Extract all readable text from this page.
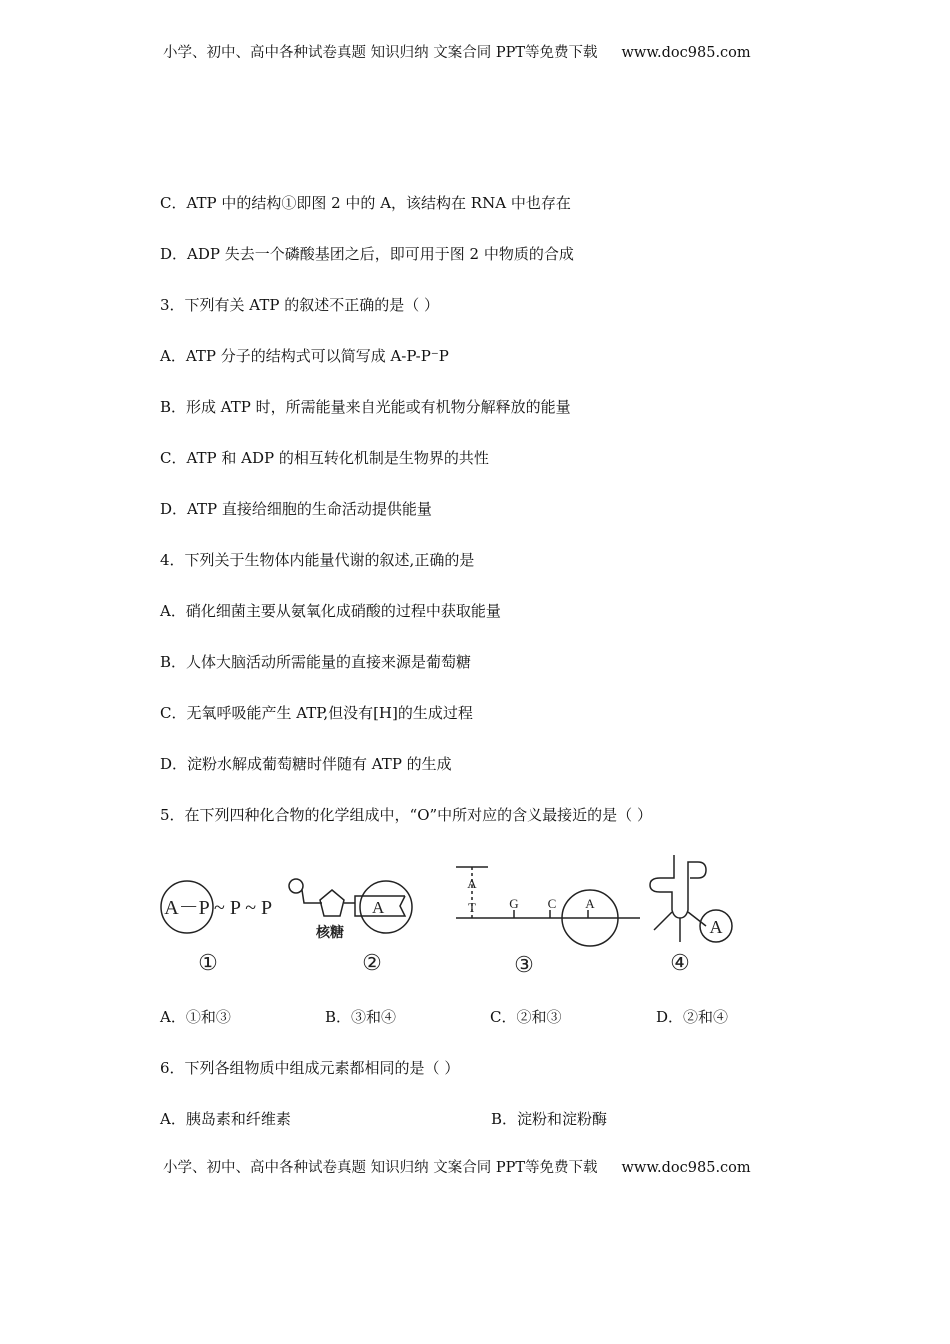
小学、初中、高中各种试卷真题 知识归纳 文案合同 PPT等免费下载 www.doc985.com
C．ATP 中的结构①即图 2 中的 A，该结构在 RNA 中也存在
D．ADP 失去一个磷酸基团之后，即可用于图 2 中物质的合成
3．下列有关 ATP 的叙述不正确的是（ ）
A．ATP 分子的结构式可以简写成 A-P-P⁻P
B．形成 ATP 时，所需能量来自光能或有机物分解释放的能量
C．ATP 和 ADP 的相互转化机制是生物界的共性
D．ATP 直接给细胞的生命活动提供能量
4．下列关于生物体内能量代谢的叙述,正确的是
A．硝化细菌主要从氨氧化成硝酸的过程中获取能量
B．人体大脑活动所需能量的直接来源是葡萄糖
C．无氧呼吸能产生 ATP,但没有[H]的生成过程
D．淀粉水解成葡萄糖时伴随有 ATP 的生成
5．在下列四种化合物的化学组成中，“O”中所对应的含义最接近的是（ ）
A－P ~ P ~ P
①
A
核糖
②
A
T	G C A
③
A
④
A．①和③	B．③和④	C．②和③	D．②和④
6．下列各组物质中组成元素都相同的是（ ）
A．胰岛素和纤维素	B．淀粉和淀粉酶
小学、初中、高中各种试卷真题 知识归纳 文案合同 PPT等免费下载 www.doc985.com
